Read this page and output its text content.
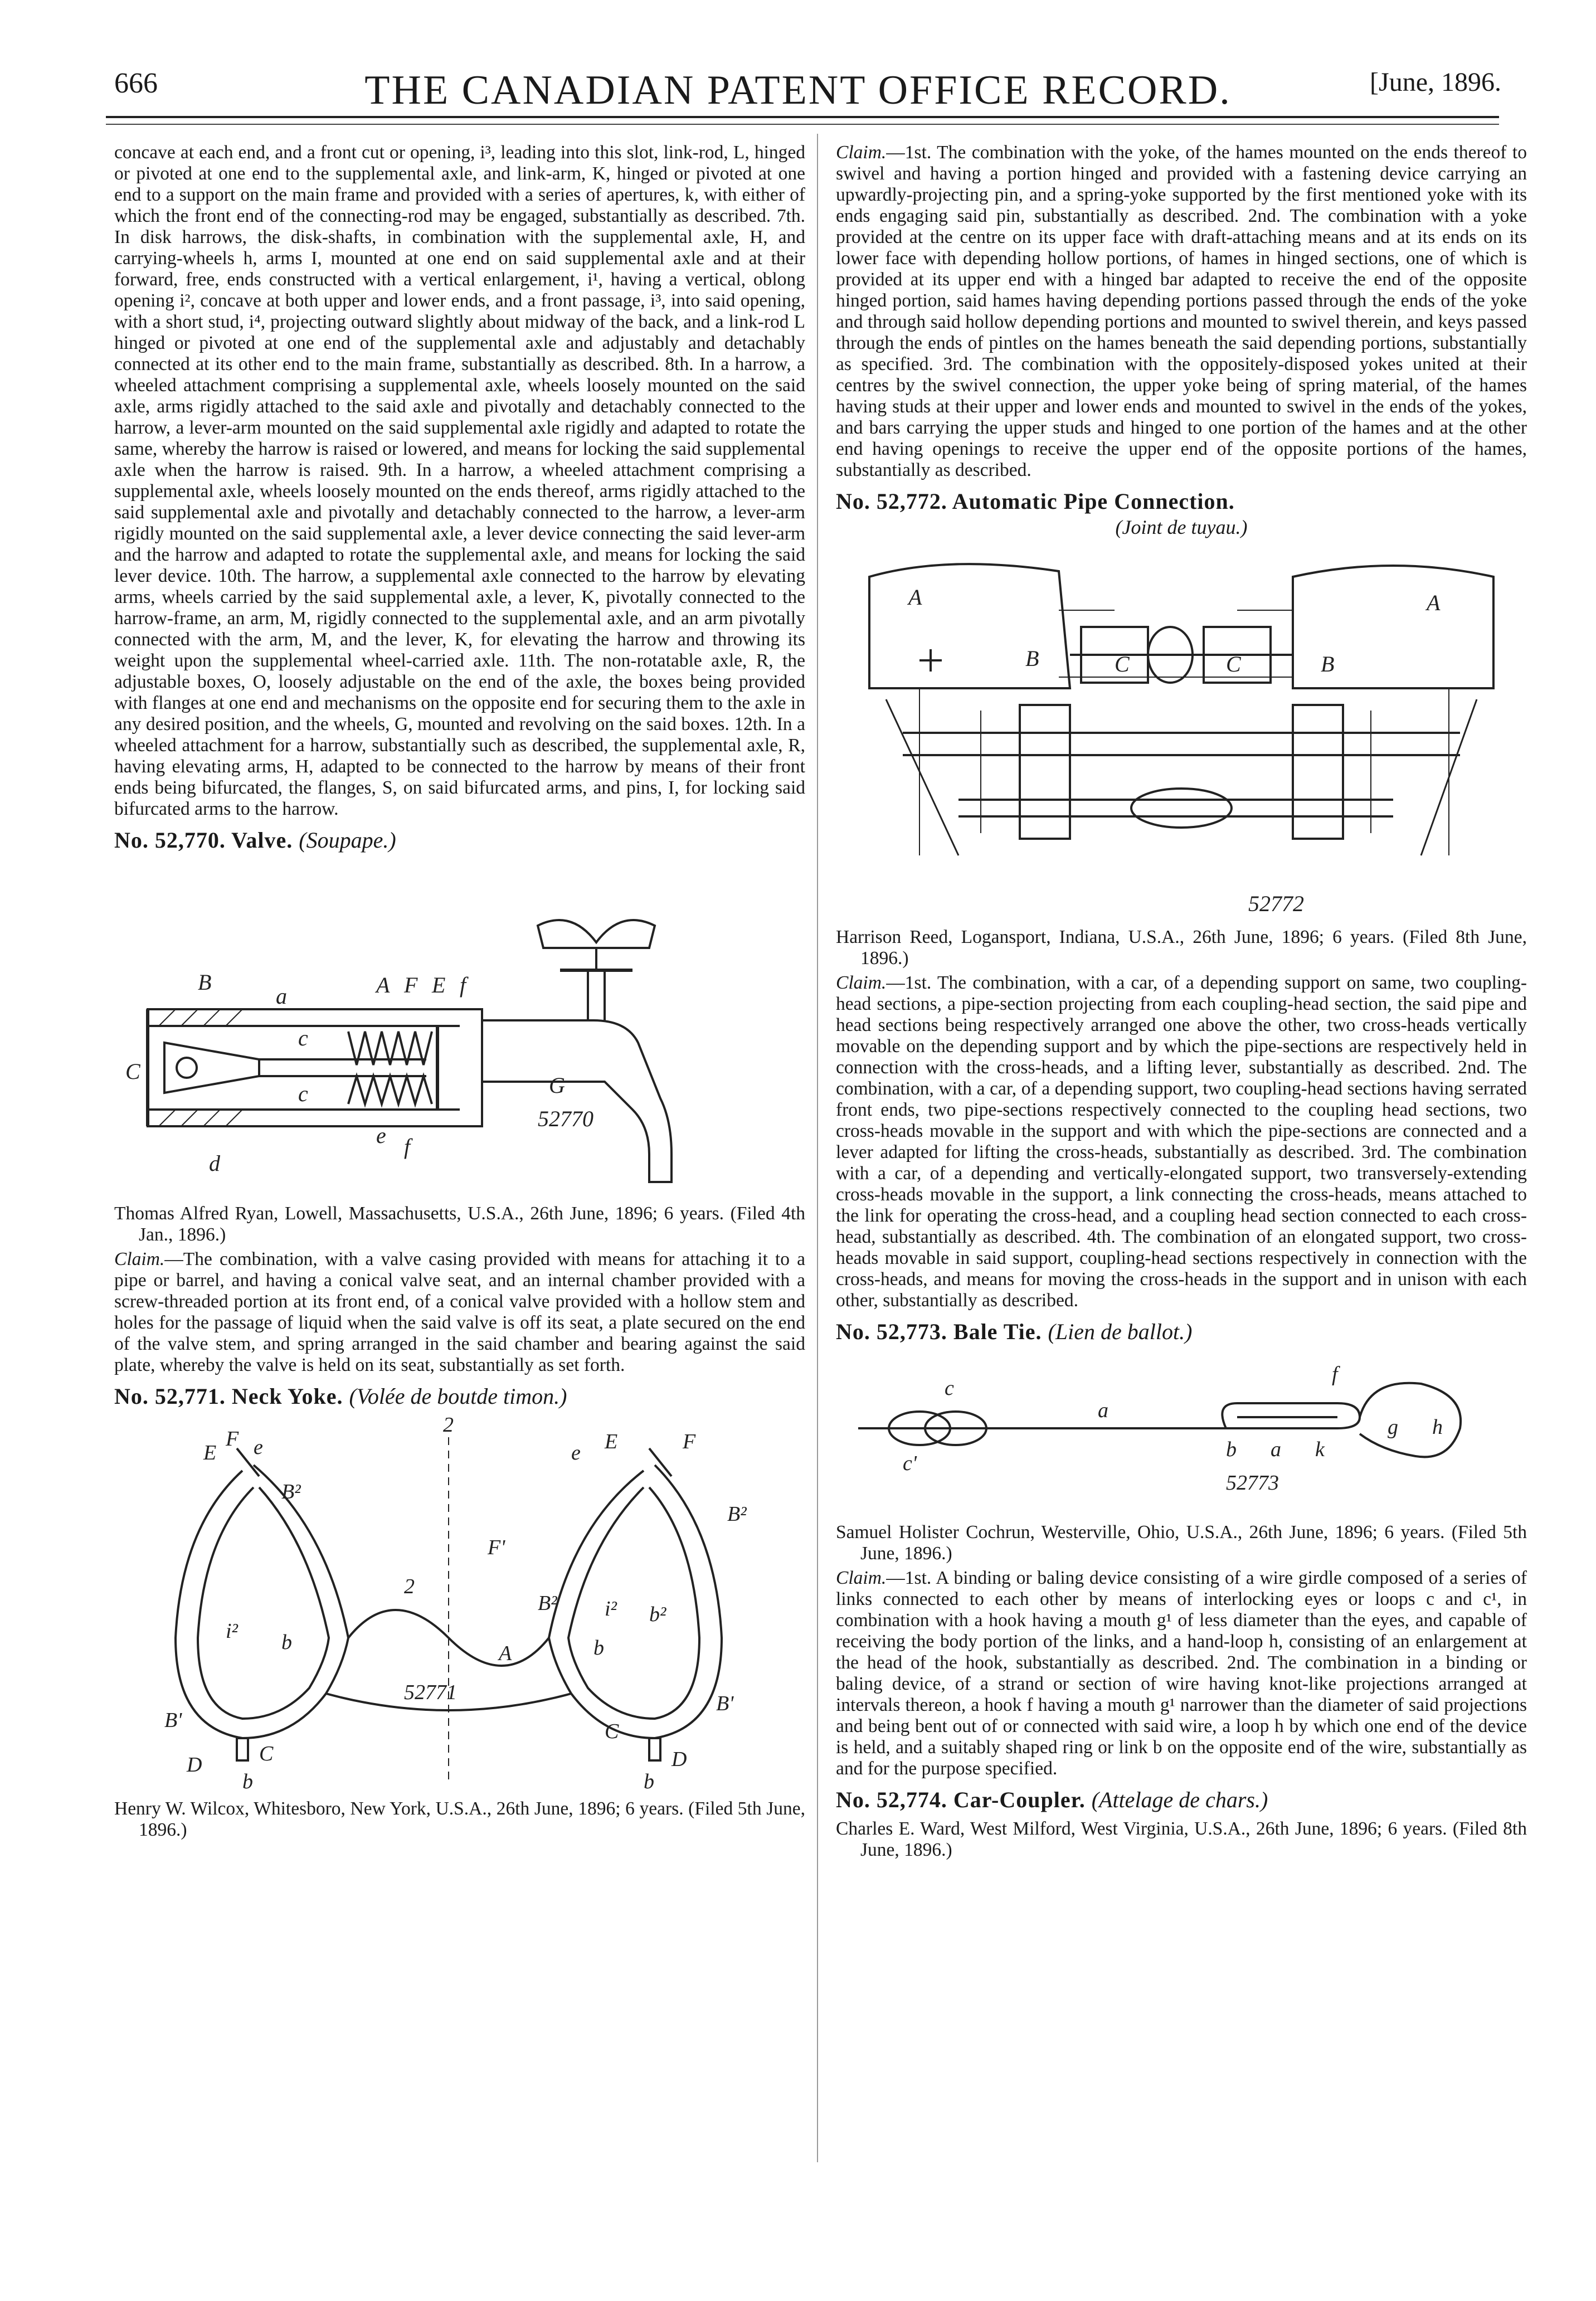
666	THE CANADIAN PATENT OFFICE RECORD.	[June, 1896.

concave at each end, and a front cut or opening, i³, leading into this slot, link-rod, L, hinged or pivoted at one end to the supplemental axle, and link-arm, K, hinged or pivoted at one end to a support on the main frame and provided with a series of apertures, k, with either of which the front end of the connecting-rod may be engaged, substantially as described. 7th. In disk harrows, the disk-shafts, in combination with the supplemental axle, H, and carrying-wheels h, arms I, mounted at one end on said supplemental axle and at their forward, free, ends constructed with a vertical enlargement, i¹, having a vertical, oblong opening i², concave at both upper and lower ends, and a front passage, i³, into said opening, with a short stud, i⁴, projecting outward slightly about midway of the back, and a link-rod L hinged or pivoted at one end of the supplemental axle and adjustably and detachably connected at its other end to the main frame, substantially as described. 8th. In a harrow, a wheeled attachment comprising a supplemental axle, wheels loosely mounted on the said axle, arms rigidly attached to the said axle and pivotally and detachably connected to the harrow, a lever-arm mounted on the said supplemental axle rigidly and adapted to rotate the same, whereby the harrow is raised or lowered, and means for locking the said supplemental axle when the harrow is raised. 9th. In a harrow, a wheeled attachment comprising a supplemental axle, wheels loosely mounted on the ends thereof, arms rigidly attached to the said supplemental axle and pivotally and detachably connected to the harrow, a lever-arm rigidly mounted on the said supplemental axle, a lever device connecting the said lever-arm and the harrow and adapted to rotate the supplemental axle, and means for locking the said lever device. 10th. The harrow, a supplemental axle connected to the harrow by elevating arms, wheels carried by the said supplemental axle, a lever, K, pivotally connected to the harrow-frame, an arm, M, rigidly connected to the supplemental axle, and an arm pivotally connected with the arm, M, and the lever, K, for elevating the harrow and throwing its weight upon the supplemental wheel-carried axle. 11th. The non-rotatable axle, R, the adjustable boxes, O, loosely adjustable on the end of the axle, the boxes being provided with flanges at one end and mechanisms on the opposite end for securing them to the axle in any desired position, and the wheels, G, mounted and revolving on the said boxes. 12th. In a wheeled attachment for a harrow, substantially such as described, the supplemental axle, R, having elevating arms, H, adapted to be connected to the harrow by means of their front ends being bifurcated, the flanges, S, on said bifurcated arms, and pins, I, for locking said bifurcated arms to the harrow.

No. 52,770. Valve. (Soupape.)
B
a	A F E f
C
c
c	G
d
e f
52770

Thomas Alfred Ryan, Lowell, Massachusetts, U.S.A., 26th June, 1896; 6 years. (Filed 4th Jan., 1896.)

Claim.—The combination, with a valve casing provided with means for attaching it to a pipe or barrel, and having a conical valve seat, and an internal chamber provided with a screw-threaded portion at its front end, of a conical valve provided with a hollow stem and holes for the passage of liquid when the said valve is off its seat, a plate secured on the end of the valve stem, and spring arranged in the said chamber and bearing against the said plate, whereby the valve is held on its seat, substantially as set forth.

No. 52,771. Neck Yoke. (Volée de boutde timon.)
2
E
F e
B²
i² b
B'
D	C
b
2
F'
B²
A
52771
E
e	F
B²
i² b²
b
B'
C
D
b

Henry W. Wilcox, Whitesboro, New York, U.S.A., 26th June, 1896; 6 years. (Filed 5th June, 1896.)

Claim.—1st. The combination with the yoke, of the hames mounted on the ends thereof to swivel and having a portion hinged and provided with a fastening device carrying an upwardly-projecting pin, and a spring-yoke supported by the first mentioned yoke with its ends engaging said pin, substantially as described. 2nd. The combination with a yoke provided at the centre on its upper face with draft-attaching means and at its ends on its lower face with depending hollow portions, of hames in hinged sections, one of which is provided at its upper end with a hinged bar adapted to receive the end of the opposite hinged portion, said hames having depending portions passed through the ends of the yoke and through said hollow depending portions and mounted to swivel therein, and keys passed through the ends of pintles on the hames beneath the said depending portions, substantially as specified. 3rd. The combination with the oppositely-disposed yokes united at their centres by the swivel connection, the upper yoke being of spring material, of the hames having studs at their upper and lower ends and mounted to swivel in the ends of the yokes, and bars carrying the upper studs and hinged to one portion of the hames and at the other end having openings to receive the upper end of the opposite portions of the hames, substantially as described.

No. 52,772. Automatic Pipe Connection.
(Joint de tuyau.)
A	A
B	C	C	B
52772

Harrison Reed, Logansport, Indiana, U.S.A., 26th June, 1896; 6 years. (Filed 8th June, 1896.)

Claim.—1st. The combination, with a car, of a depending support on same, two coupling-head sections, a pipe-section projecting from each coupling-head section, the said pipe and head sections being respectively arranged one above the other, two cross-heads vertically movable on the depending support and by which the pipe-sections are respectively held in connection with the cross-heads, and a lifting lever, substantially as described. 2nd. The combination, with a car, of a depending support, two coupling-head sections having serrated front ends, two pipe-sections respectively connected to the coupling head sections, two cross-heads movable in the support and with which the pipe-sections are connected and a lever adapted for lifting the cross-heads, substantially as described. 3rd. The combination with a car, of a depending and vertically-elongated support, two transversely-extending cross-heads movable in the support, a link connecting the cross-heads, means attached to the link for operating the cross-head, and a coupling head section connected to each cross-head, substantially as described. 4th. The combination of an elongated support, two cross-heads movable in said support, coupling-head sections respectively in connection with the cross-heads, and means for moving the cross-heads in the support and in unison with each other, substantially as described.

No. 52,773. Bale Tie. (Lien de ballot.)
f
c
a
g h
c'
b a k
52773

Samuel Holister Cochrun, Westerville, Ohio, U.S.A., 26th June, 1896; 6 years. (Filed 5th June, 1896.)

Claim.—1st. A binding or baling device consisting of a wire girdle composed of a series of links connected to each other by means of interlocking eyes or loops c and c¹, in combination with a hook having a mouth g¹ of less diameter than the eyes, and capable of receiving the body portion of the links, and a hand-loop h, consisting of an enlargement at the head of the hook, substantially as described. 2nd. The combination in a binding or baling device, of a strand or section of wire having knot-like projections arranged at intervals thereon, a hook f having a mouth g¹ narrower than the diameter of said projections and being bent out of or connected with said wire, a loop h by which one end of the device is held, and a suitably shaped ring or link b on the opposite end of the wire, substantially as and for the purpose specified.

No. 52,774. Car-Coupler. (Attelage de chars.)

Charles E. Ward, West Milford, West Virginia, U.S.A., 26th June, 1896; 6 years. (Filed 8th June, 1896.)
